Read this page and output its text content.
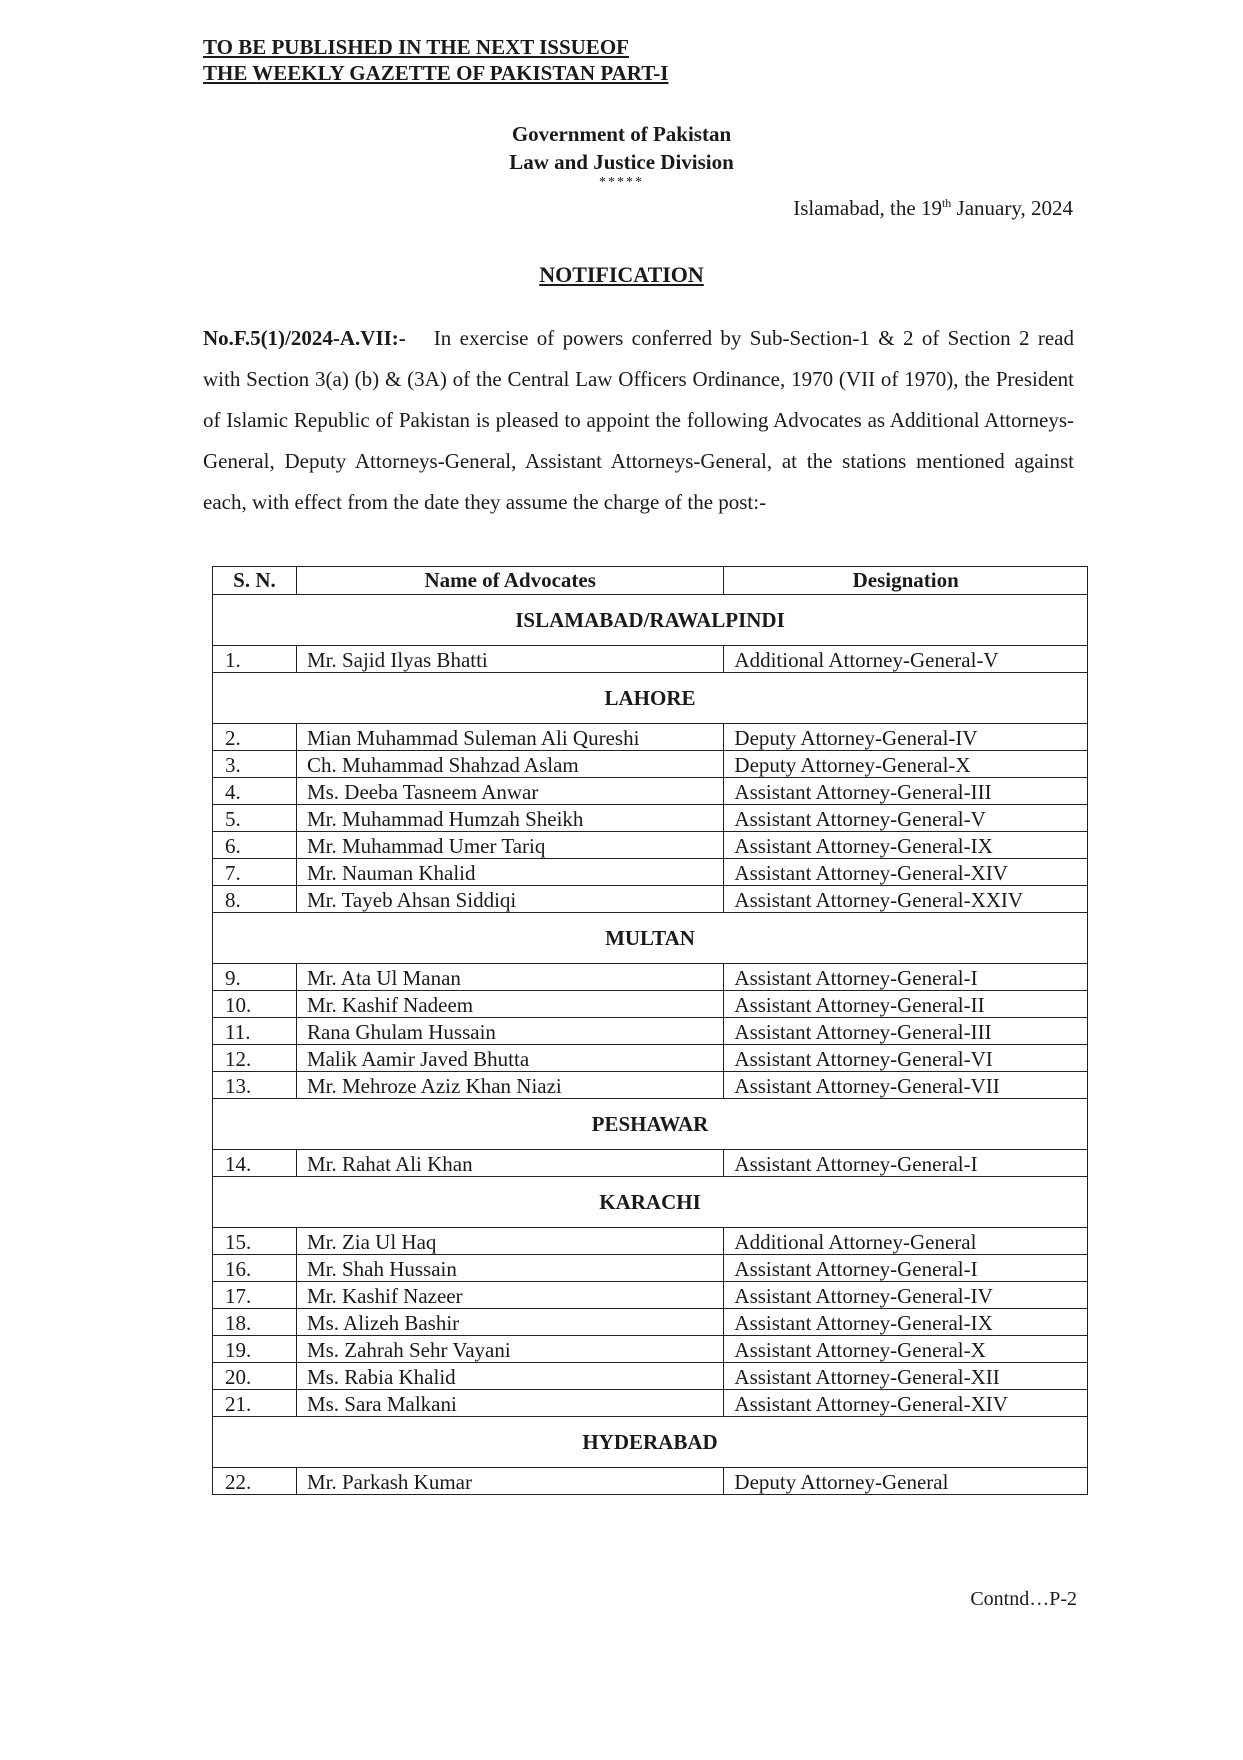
TO BE PUBLISHED IN THE NEXT ISSUEOF
THE WEEKLY GAZETTE OF PAKISTAN PART-I
Government of Pakistan
Law and Justice Division
*****
Islamabad, the 19th January, 2024
NOTIFICATION
No.F.5(1)/2024-A.VII:- In exercise of powers conferred by Sub-Section-1 & 2 of Section 2 read with Section 3(a) (b) & (3A) of the Central Law Officers Ordinance, 1970 (VII of 1970), the President of Islamic Republic of Pakistan is pleased to appoint the following Advocates as Additional Attorneys-General, Deputy Attorneys-General, Assistant Attorneys-General, at the stations mentioned against each, with effect from the date they assume the charge of the post:-
S. N.	Name of Advocates	Designation
ISLAMABAD/RAWALPINDI		
1.	Mr. Sajid Ilyas Bhatti	Additional Attorney-General-V
LAHORE		
2.	Mian Muhammad Suleman Ali Qureshi	Deputy Attorney-General-IV
3.	Ch. Muhammad Shahzad Aslam	Deputy Attorney-General-X
4.	Ms. Deeba Tasneem Anwar	Assistant Attorney-General-III
5.	Mr. Muhammad Humzah Sheikh	Assistant Attorney-General-V
6.	Mr. Muhammad Umer Tariq	Assistant Attorney-General-IX
7.	Mr. Nauman Khalid	Assistant Attorney-General-XIV
8.	Mr. Tayeb Ahsan Siddiqi	Assistant Attorney-General-XXIV
MULTAN		
9.	Mr. Ata Ul Manan	Assistant Attorney-General-I
10.	Mr. Kashif Nadeem	Assistant Attorney-General-II
11.	Rana Ghulam Hussain	Assistant Attorney-General-III
12.	Malik Aamir Javed Bhutta	Assistant Attorney-General-VI
13.	Mr. Mehroze Aziz Khan Niazi	Assistant Attorney-General-VII
PESHAWAR		
14.	Mr. Rahat Ali Khan	Assistant Attorney-General-I
KARACHI		
15.	Mr. Zia Ul Haq	Additional Attorney-General
16.	Mr. Shah Hussain	Assistant Attorney-General-I
17.	Mr. Kashif Nazeer	Assistant Attorney-General-IV
18.	Ms. Alizeh Bashir	Assistant Attorney-General-IX
19.	Ms. Zahrah Sehr Vayani	Assistant Attorney-General-X
20.	Ms. Rabia Khalid	Assistant Attorney-General-XII
21.	Ms. Sara Malkani	Assistant Attorney-General-XIV
HYDERABAD		
22.	Mr. Parkash Kumar	Deputy Attorney-General
Contnd…P-2
